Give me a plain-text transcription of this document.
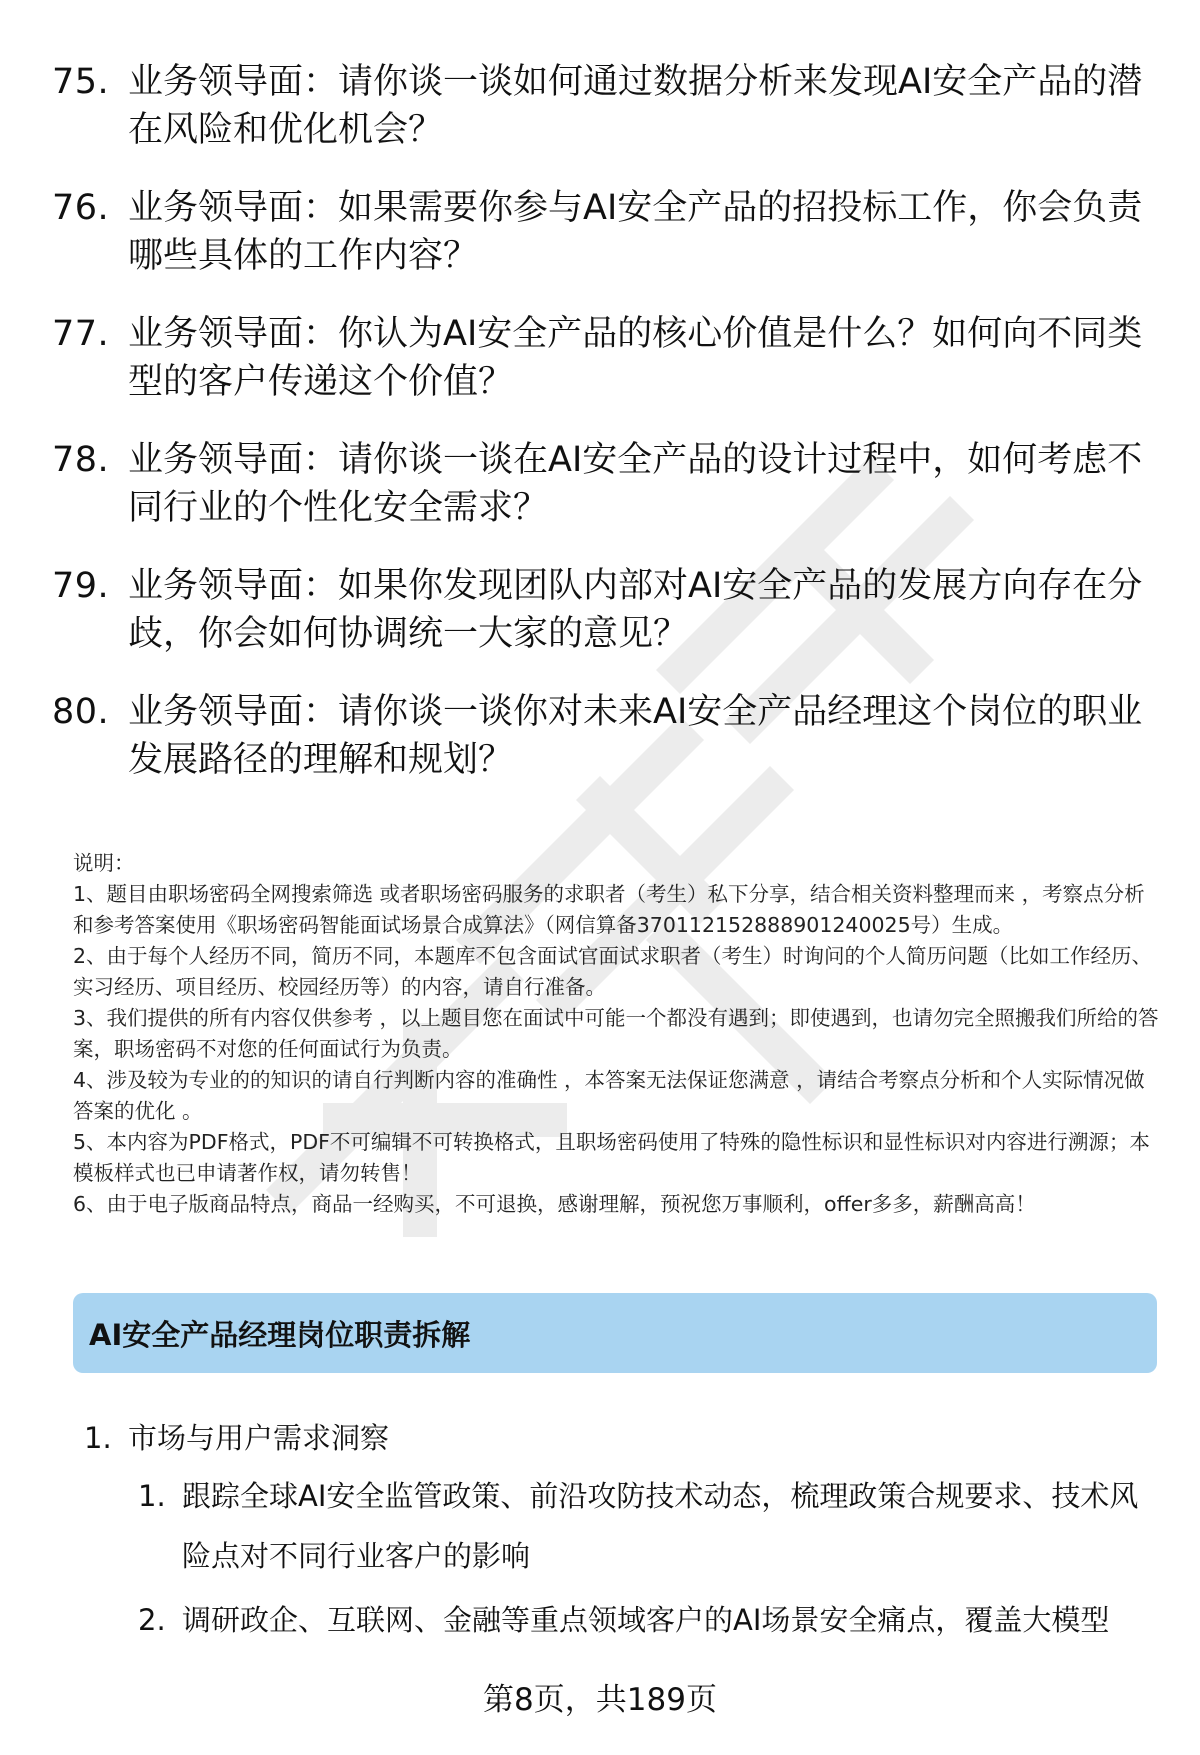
75. 业务领导面：请你谈一谈如何通过数据分析来发现AI安全产品的潜在风险和优化机会？
76. 业务领导面：如果需要你参与AI安全产品的招投标工作，你会负责哪些具体的工作内容？
77. 业务领导面：你认为AI安全产品的核心价值是什么？如何向不同类型的客户传递这个价值？
78. 业务领导面：请你谈一谈在AI安全产品的设计过程中，如何考虑不同行业的个性化安全需求？
79. 业务领导面：如果你发现团队内部对AI安全产品的发展方向存在分歧，你会如何协调统一大家的意见？
80. 业务领导面：请你谈一谈你对未来AI安全产品经理这个岗位的职业发展路径的理解和规划？

说明：

1、题目由职场密码全网搜索筛选 或者职场密码服务的求职者（考生）私下分享，结合相关资料整理而来 ，考察点分析和参考答案使用《职场密码智能面试场景合成算法》（网信算备370112152888901240025号）生成。

2、由于每个人经历不同，简历不同，本题库不包含面试官面试求职者（考生）时询问的个人简历问题（比如工作经历、实习经历、项目经历、校园经历等）的内容，请自行准备。

3、我们提供的所有内容仅供参考 ，以上题目您在面试中可能一个都没有遇到；即使遇到，也请勿完全照搬我们所给的答案，职场密码不对您的任何面试行为负责。

4、涉及较为专业的的知识的请自行判断内容的准确性 ，本答案无法保证您满意 ，请结合考察点分析和个人实际情况做答案的优化 。

5、本内容为PDF格式，PDF不可编辑不可转换格式，且职场密码使用了特殊的隐性标识和显性标识对内容进行溯源；本模板样式也已申请著作权，请勿转售！

6、由于电子版商品特点，商品一经购买，不可退换，感谢理解，预祝您万事顺利，offer多多，薪酬高高！

AI安全产品经理岗位职责拆解
1. 市场与用户需求洞察
1. 跟踪全球AI安全监管政策、前沿攻防技术动态，梳理政策合规要求、技术风险点对不同行业客户的影响
2. 调研政企、互联网、金融等重点领域客户的AI场景安全痛点，覆盖大模型
第8页，共189页
